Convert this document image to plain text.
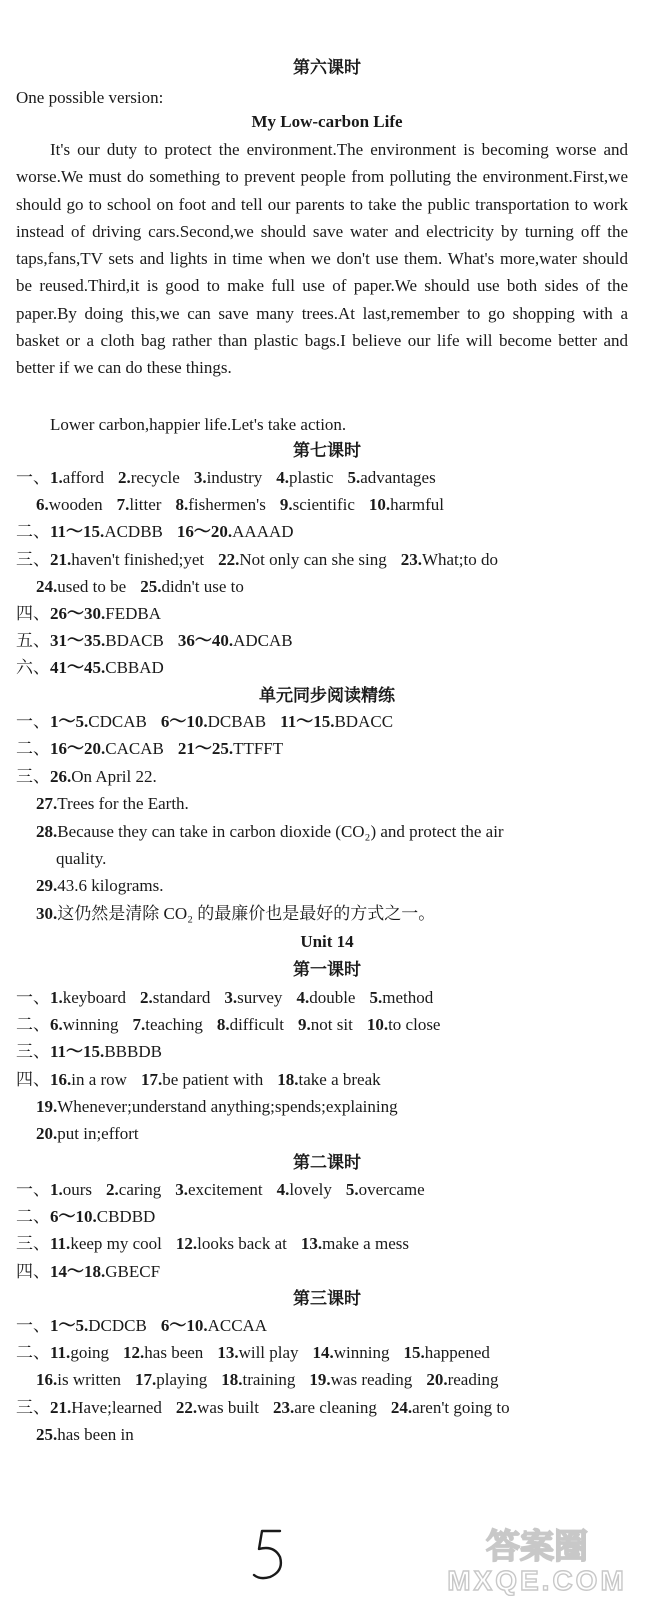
第六课时
One possible version:
My Low-carbon Life
It's our duty to protect the environment.The environment is becoming worse and worse.We must do something to prevent people from polluting the environment.First,we should go to school on foot and tell our parents to take the public transportation to work instead of driving cars.Second,we should save water and electricity by turning off the taps,fans,TV sets and lights in time when we don't use them. What's more,water should be reused.Third,it is good to make full use of paper.We should use both sides of the paper.By doing this,we can save many trees.At last,remember to go shopping with a basket or a cloth bag rather than plastic bags.I believe our life will become better and better if we can do these things.
Lower carbon,happier life.Let's take action.
第七课时
一、1.afford 2.recycle 3.industry 4.plastic 5.advantages
6.wooden 7.litter 8.fishermen's 9.scientific 10.harmful
二、11～15.ACDBB 16～20.AAAAD
三、21.haven't finished;yet 22.Not only can she sing 23.What;to do
24.used to be 25.didn't use to
四、26～30.FEDBA
五、31～35.BDACB 36～40.ADCAB
六、41～45.CBBAD
单元同步阅读精练
一、1～5.CDCAB 6～10.DCBAB 11～15.BDACC
二、16～20.CACAB 21～25.TTFFT
三、26.On April 22.
27.Trees for the Earth.
28.Because they can take in carbon dioxide (CO₂) and protect the air
quality.
29.43.6 kilograms.
30.这仍然是清除 CO₂ 的最廉价也是最好的方式之一。
Unit 14
第一课时
一、1.keyboard 2.standard 3.survey 4.double 5.method
二、6.winning 7.teaching 8.difficult 9.not sit 10.to close
三、11～15.BBBDB
四、16.in a row 17.be patient with 18.take a break
19.Whenever;understand anything;spends;explaining
20.put in;effort
第二课时
一、1.ours 2.caring 3.excitement 4.lovely 5.overcame
二、6～10.CBDBD
三、11.keep my cool 12.looks back at 13.make a mess
四、14～18.GBECF
第三课时
一、1～5.DCDCB 6～10.ACCAA
二、11.going 12.has been 13.will play 14.winning 15.happened
16.is written 17.playing 18.training 19.was reading 20.reading
三、21.Have;learned 22.was built 23.are cleaning 24.aren't going to
25.has been in
答案圈
MXQE.COM
